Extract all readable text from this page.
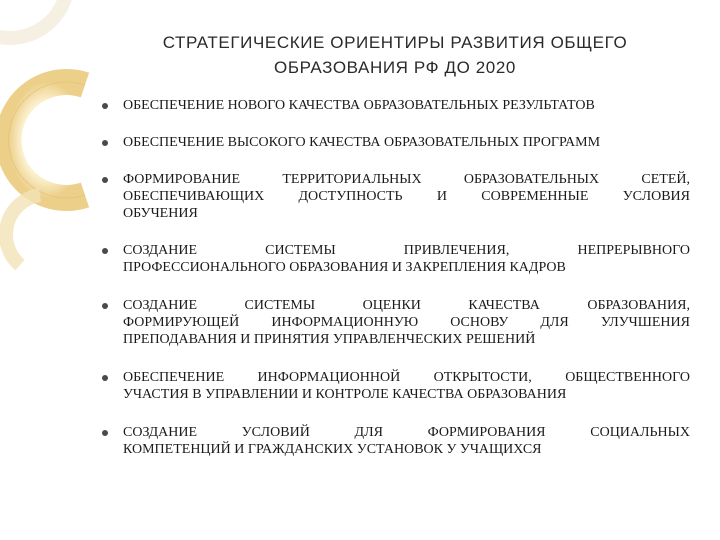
СТРАТЕГИЧЕСКИЕ ОРИЕНТИРЫ РАЗВИТИЯ ОБЩЕГО
ОБРАЗОВАНИЯ РФ ДО 2020
ОБЕСПЕЧЕНИЕ НОВОГО КАЧЕСТВА ОБРАЗОВАТЕЛЬНЫХ РЕЗУЛЬТАТОВ
ОБЕСПЕЧЕНИЕ ВЫСОКОГО КАЧЕСТВА ОБРАЗОВАТЕЛЬНЫХ ПРОГРАММ
ФОРМИРОВАНИЕ ТЕРРИТОРИАЛЬНЫХ ОБРАЗОВАТЕЛЬНЫХ СЕТЕЙ,
ОБЕСПЕЧИВАЮЩИХ ДОСТУПНОСТЬ И СОВРЕМЕННЫЕ УСЛОВИЯ
ОБУЧЕНИЯ
СОЗДАНИЕ СИСТЕМЫ ПРИВЛЕЧЕНИЯ, НЕПРЕРЫВНОГО
ПРОФЕССИОНАЛЬНОГО ОБРАЗОВАНИЯ И ЗАКРЕПЛЕНИЯ КАДРОВ
СОЗДАНИЕ СИСТЕМЫ ОЦЕНКИ КАЧЕСТВА ОБРАЗОВАНИЯ,
ФОРМИРУЮЩЕЙ ИНФОРМАЦИОННУЮ ОСНОВУ ДЛЯ УЛУЧШЕНИЯ
ПРЕПОДАВАНИЯ И ПРИНЯТИЯ УПРАВЛЕНЧЕСКИХ РЕШЕНИЙ
ОБЕСПЕЧЕНИЕ ИНФОРМАЦИОННОЙ ОТКРЫТОСТИ, ОБЩЕСТВЕННОГО
УЧАСТИЯ В УПРАВЛЕНИИ И КОНТРОЛЕ КАЧЕСТВА ОБРАЗОВАНИЯ
СОЗДАНИЕ УСЛОВИЙ ДЛЯ ФОРМИРОВАНИЯ СОЦИАЛЬНЫХ
КОМПЕТЕНЦИЙ И ГРАЖДАНСКИХ УСТАНОВОК У УЧАЩИХСЯ
